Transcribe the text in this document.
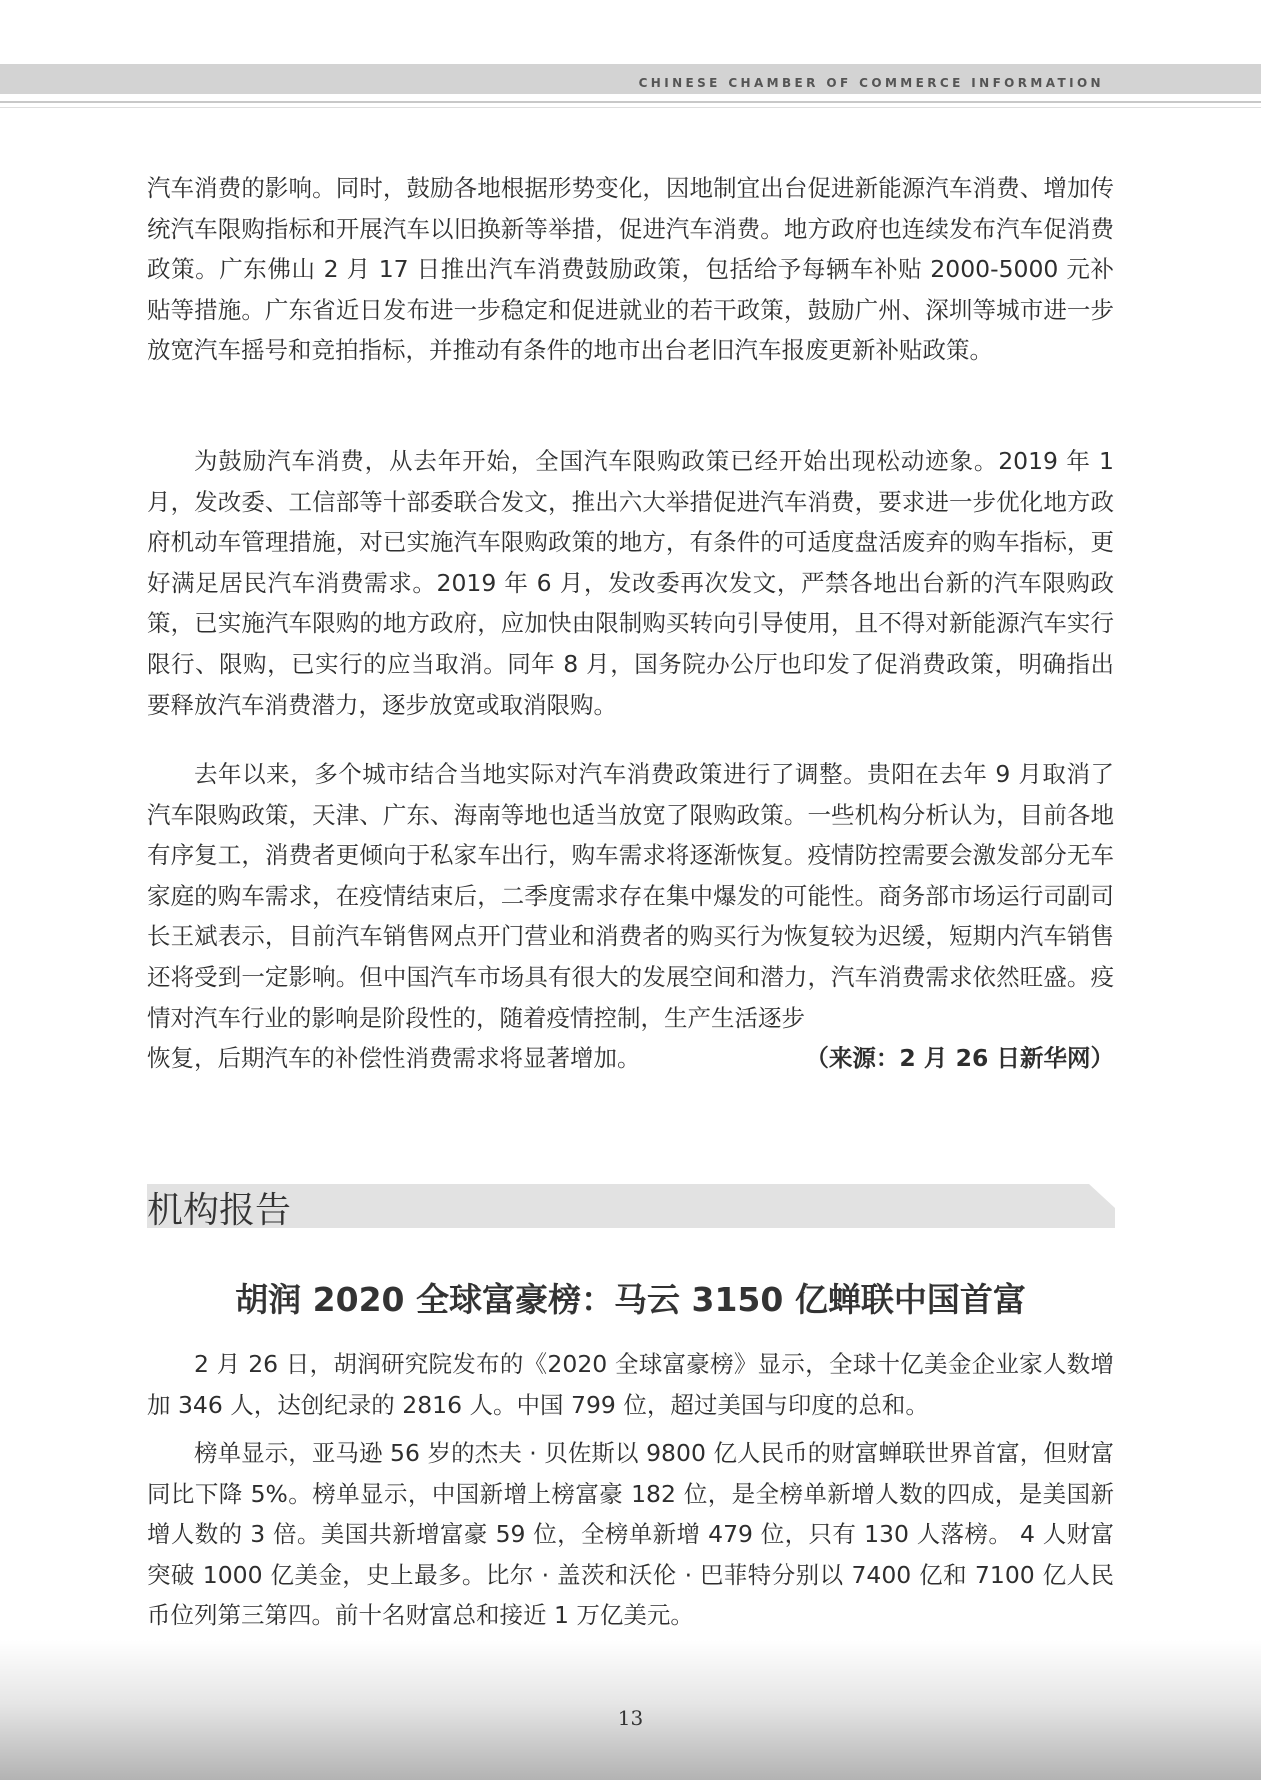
CHINESE CHAMBER OF COMMERCE INFORMATION

汽车消费的影响。同时，鼓励各地根据形势变化，因地制宜出台促进新能源汽车消费、增加传统汽车限购指标和开展汽车以旧换新等举措，促进汽车消费。地方政府也连续发布汽车促消费政策。广东佛山 2 月 17 日推出汽车消费鼓励政策，包括给予每辆车补贴 2000-5000 元补贴等措施。广东省近日发布进一步稳定和促进就业的若干政策，鼓励广州、深圳等城市进一步放宽汽车摇号和竞拍指标，并推动有条件的地市出台老旧汽车报废更新补贴政策。

为鼓励汽车消费，从去年开始，全国汽车限购政策已经开始出现松动迹象。2019 年 1 月，发改委、工信部等十部委联合发文，推出六大举措促进汽车消费，要求进一步优化地方政府机动车管理措施，对已实施汽车限购政策的地方，有条件的可适度盘活废弃的购车指标，更好满足居民汽车消费需求。2019 年 6 月，发改委再次发文，严禁各地出台新的汽车限购政策，已实施汽车限购的地方政府，应加快由限制购买转向引导使用，且不得对新能源汽车实行限行、限购，已实行的应当取消。同年 8 月，国务院办公厅也印发了促消费政策，明确指出要释放汽车消费潜力，逐步放宽或取消限购。

去年以来，多个城市结合当地实际对汽车消费政策进行了调整。贵阳在去年 9 月取消了汽车限购政策，天津、广东、海南等地也适当放宽了限购政策。一些机构分析认为，目前各地有序复工，消费者更倾向于私家车出行，购车需求将逐渐恢复。疫情防控需要会激发部分无车家庭的购车需求，在疫情结束后，二季度需求存在集中爆发的可能性。商务部市场运行司副司长王斌表示，目前汽车销售网点开门营业和消费者的购买行为恢复较为迟缓，短期内汽车销售还将受到一定影响。但中国汽车市场具有很大的发展空间和潜力，汽车消费需求依然旺盛。疫情对汽车行业的影响是阶段性的，随着疫情控制，生产生活逐步
恢复，后期汽车的补偿性消费需求将显著增加。	（来源：2 月 26 日新华网）
机构报告
胡润 2020 全球富豪榜：马云 3150 亿蝉联中国首富

2 月 26 日，胡润研究院发布的《2020 全球富豪榜》显示，全球十亿美金企业家人数增加 346 人，达创纪录的 2816 人。中国 799 位，超过美国与印度的总和。

榜单显示，亚马逊 56 岁的杰夫 · 贝佐斯以 9800 亿人民币的财富蝉联世界首富，但财富同比下降 5%。榜单显示，中国新增上榜富豪 182 位，是全榜单新增人数的四成，是美国新增人数的 3 倍。美国共新增富豪 59 位，全榜单新增 479 位，只有 130 人落榜。 4 人财富突破 1000 亿美金，史上最多。比尔 · 盖茨和沃伦 · 巴菲特分别以 7400 亿和 7100 亿人民币位列第三第四。前十名财富总和接近 1 万亿美元。

13
